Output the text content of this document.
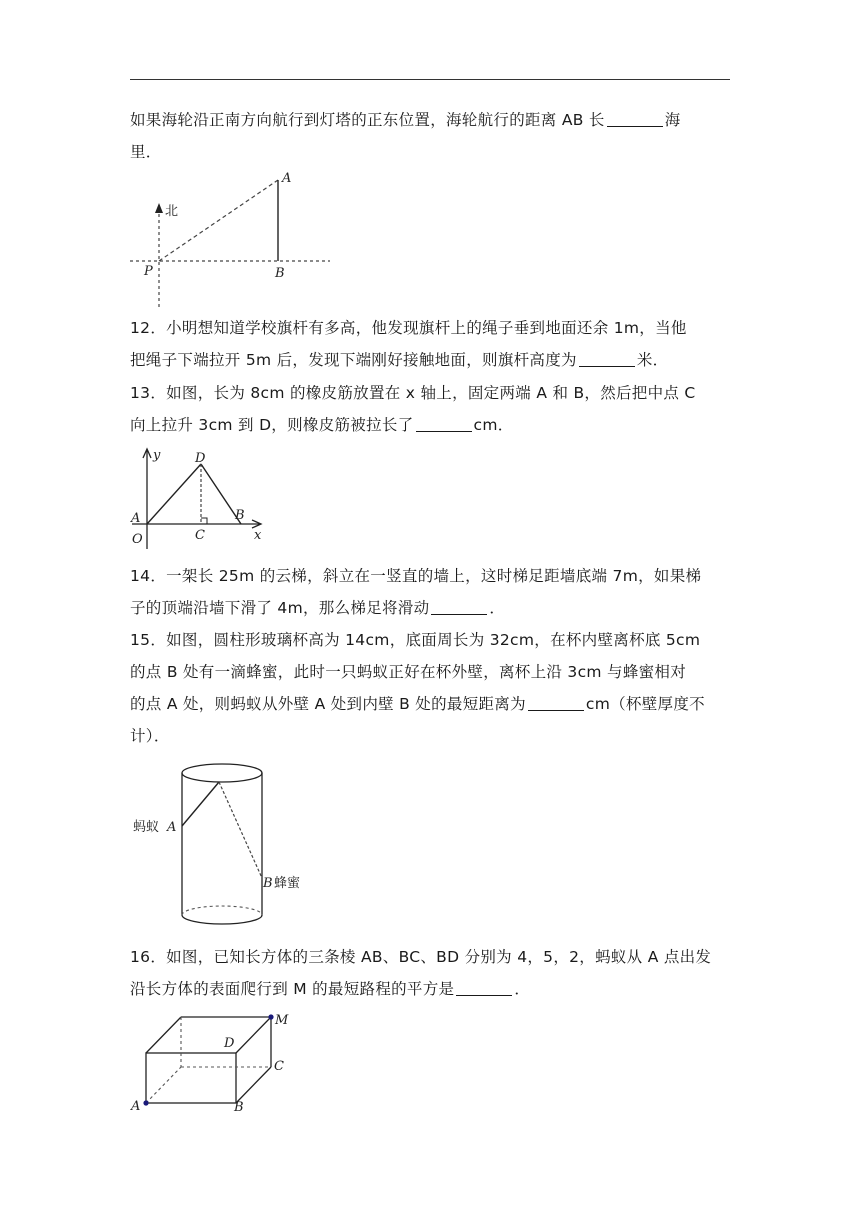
如果海轮沿正南方向航行到灯塔的正东位置，海轮航行的距离 AB 长	海
里．

北
P
A
B

12．小明想知道学校旗杆有多高，他发现旗杆上的绳子垂到地面还余 1m，当他
把绳子下端拉开 5m 后，发现下端刚好接触地面，则旗杆高度为	米．

13．如图，长为 8cm 的橡皮筋放置在 x 轴上，固定两端 A 和 B，然后把中点 C
向上拉升 3cm 到 D，则橡皮筋被拉长了	cm．

y
x
D
A
O	C
B

14．一架长 25m 的云梯，斜立在一竖直的墙上，这时梯足距墙底端 7m，如果梯
子的顶端沿墙下滑了 4m，那么梯足将滑动	．

15．如图，圆柱形玻璃杯高为 14cm，底面周长为 32cm，在杯内壁离杯底 5cm
的点 B 处有一滴蜂蜜，此时一只蚂蚁正好在杯外壁，离杯上沿 3cm 与蜂蜜相对
的点 A 处，则蚂蚁从外壁 A 处到内壁 B 处的最短距离为	cm（杯壁厚度不
计）．

蚂蚁 A
B 蜂蜜

16．如图，已知长方体的三条棱 AB、BC、BD 分别为 4，5，2，蚂蚁从 A 点出发
沿长方体的表面爬行到 M 的最短路程的平方是	．

M
D
C
A	B
